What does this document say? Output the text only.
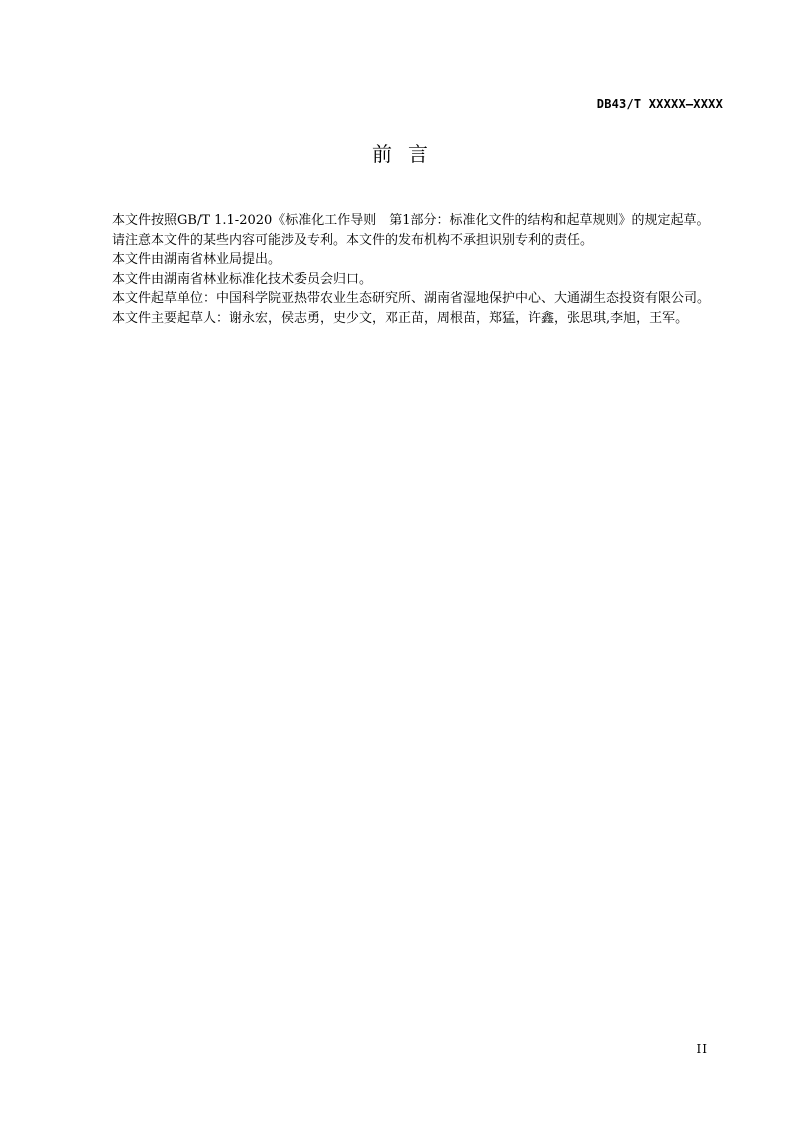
DB43/T XXXXX—XXXX
前言

本文件按照GB/T 1.1-2020《标准化工作导则　第1部分：标准化文件的结构和起草规则》的规定起草。

请注意本文件的某些内容可能涉及专利。本文件的发布机构不承担识别专利的责任。

本文件由湖南省林业局提出。

本文件由湖南省林业标准化技术委员会归口。

本文件起草单位：中国科学院亚热带农业生态研究所、湖南省湿地保护中心、大通湖生态投资有限公司。

本文件主要起草人：谢永宏，侯志勇，史少文，邓正苗，周根苗，郑猛，许鑫，张思琪,李旭，王军。

II
